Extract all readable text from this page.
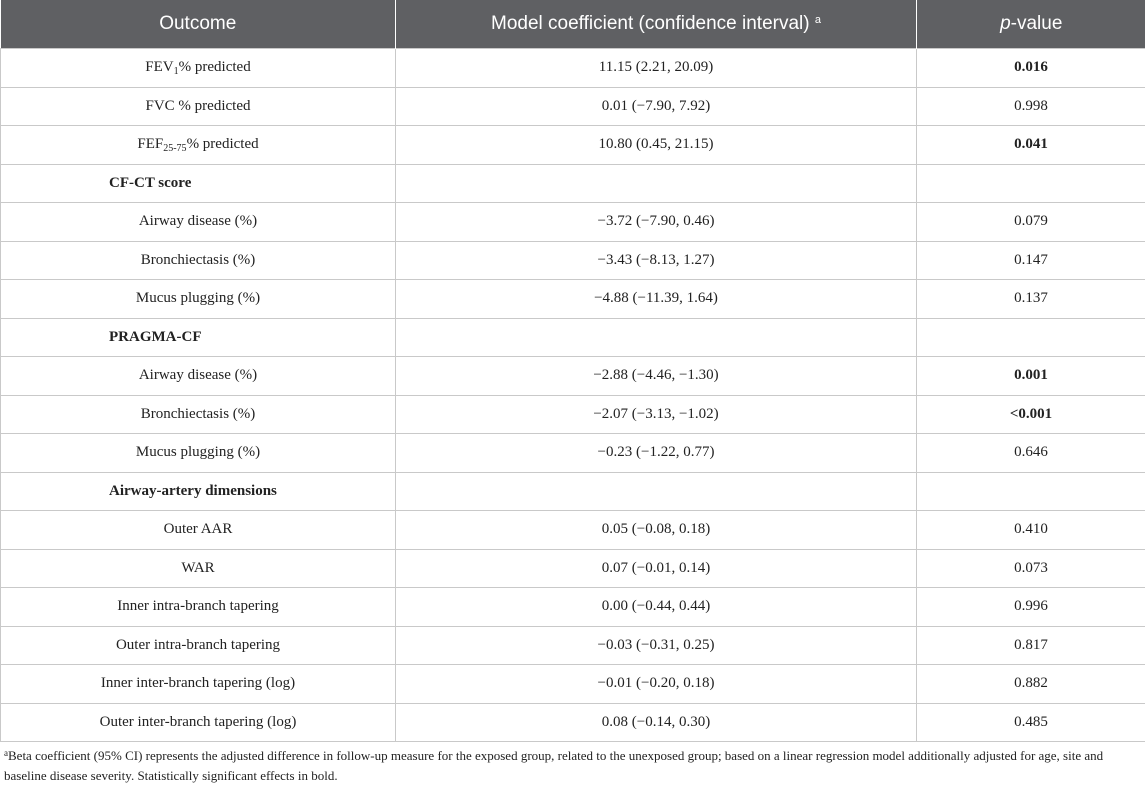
Outcome	Model coefficient (confidence interval) $^a$	p-value
$FEV_1\%$ predicted	11.15 (2.21, 20.09)	0.016
FVC % predicted	0.01 (−7.90, 7.92)	0.998
$FEF_{25-75}\%$ predicted	10.80 (0.45, 21.15)	0.041
CF-CT score		
Airway disease (%)	−3.72 (−7.90, 0.46)	0.079
Bronchiectasis (%)	−3.43 (−8.13, 1.27)	0.147
Mucus plugging (%)	−4.88 (−11.39, 1.64)	0.137
PRAGMA-CF		
Airway disease (%)	−2.88 (−4.46, −1.30)	0.001
Bronchiectasis (%)	−2.07 (−3.13, −1.02)	<0.001
Mucus plugging (%)	−0.23 (−1.22, 0.77)	0.646
Airway-artery dimensions		
Outer AAR	0.05 (−0.08, 0.18)	0.410
WAR	0.07 (−0.01, 0.14)	0.073
Inner intra-branch tapering	0.00 (−0.44, 0.44)	0.996
Outer intra-branch tapering	−0.03 (−0.31, 0.25)	0.817
Inner inter-branch tapering (log)	−0.01 (−0.20, 0.18)	0.882
Outer inter-branch tapering (log)	0.08 (−0.14, 0.30)	0.485
$^a$Beta coefficient (95% CI) represents the adjusted difference in follow-up measure for the exposed group, related to the unexposed group; based on a linear regression model additionally adjusted for age, site and baseline disease severity. Statistically significant effects in bold.
